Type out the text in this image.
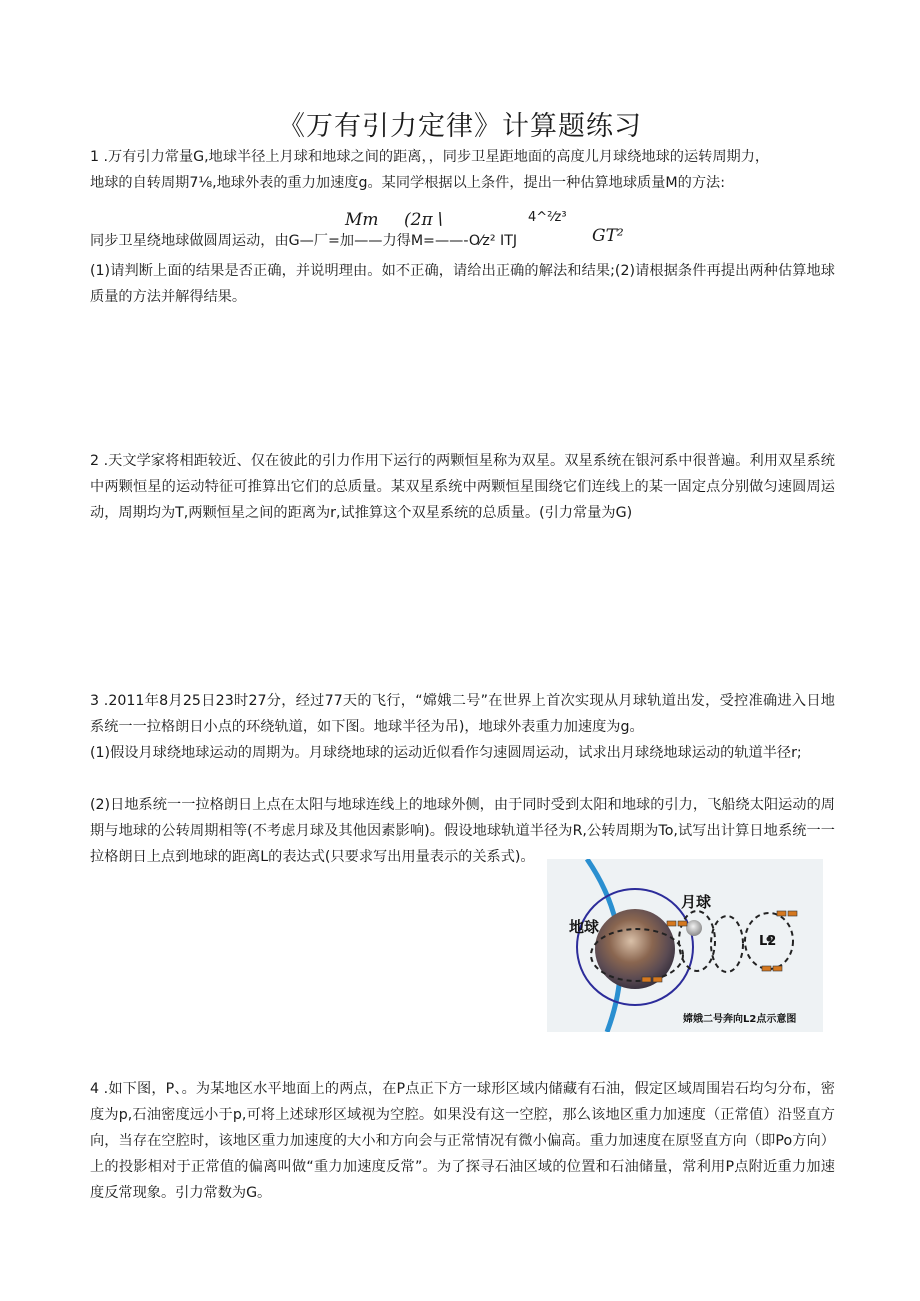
《万有引力定律》计算题练习
1 .万有引力常量G,地球半径上月球和地球之间的距离，，同步卫星距地面的高度儿月球绕地球的运转周期力，
地球的自转周期7⅛,地球外表的重力加速度g。某同学根据以上条件，提出一种估算地球质量M的方法:
Mm (2π∖	4^²⁄z³
同步卫星绕地球做圆周运动，由G—厂=加——力得M=——-O⁄z² ITJ	GT²
(1)请判断上面的结果是否正确，并说明理由。如不正确，请给出正确的解法和结果;(2)请根据条件再提出两种估算地球质量的方法并解得结果。
2 .天文学家将相距较近、仅在彼此的引力作用下运行的两颗恒星称为双星。双星系统在银河系中很普遍。利用双星系统中两颗恒星的运动特征可推算出它们的总质量。某双星系统中两颗恒星围绕它们连线上的某一固定点分别做匀速圆周运动，周期均为T,两颗恒星之间的距离为r,试推算这个双星系统的总质量。(引力常量为G)
3 .2011年8月25日23时27分，经过77天的飞行，“嫦娥二号”在世界上首次实现从月球轨道出发，受控准确进入日地系统一一拉格朗日小点的环绕轨道，如下图。地球半径为吊)，地球外表重力加速度为g。
(1)假设月球绕地球运动的周期为。月球绕地球的运动近似看作匀速圆周运动，试求出月球绕地球运动的轨道半径r;
(2)日地系统一一拉格朗日上点在太阳与地球连线上的地球外侧，由于同时受到太阳和地球的引力，飞船绕太阳运动的周期与地球的公转周期相等(不考虑月球及其他因素影响)。假设地球轨道半径为R,公转周期为To,试写出计算日地系统一一拉格朗日上点到地球的距离L的表达式(只要求写出用量表示的关系式)。
地球
月球
L2
嫦娥二号奔向L2点示意图
4 .如下图，P、。为某地区水平地面上的两点，在P点正下方一球形区域内储藏有石油，假定区域周围岩石均匀分布，密度为p,石油密度远小于p,可将上述球形区域视为空腔。如果没有这一空腔，那么该地区重力加速度（正常值）沿竖直方向，当存在空腔时，该地区重力加速度的大小和方向会与正常情况有微小偏高。重力加速度在原竖直方向（即Po方向）上的投影相对于正常值的偏离叫做“重力加速度反常”。为了探寻石油区域的位置和石油储量，常利用P点附近重力加速度反常现象。引力常数为G。
